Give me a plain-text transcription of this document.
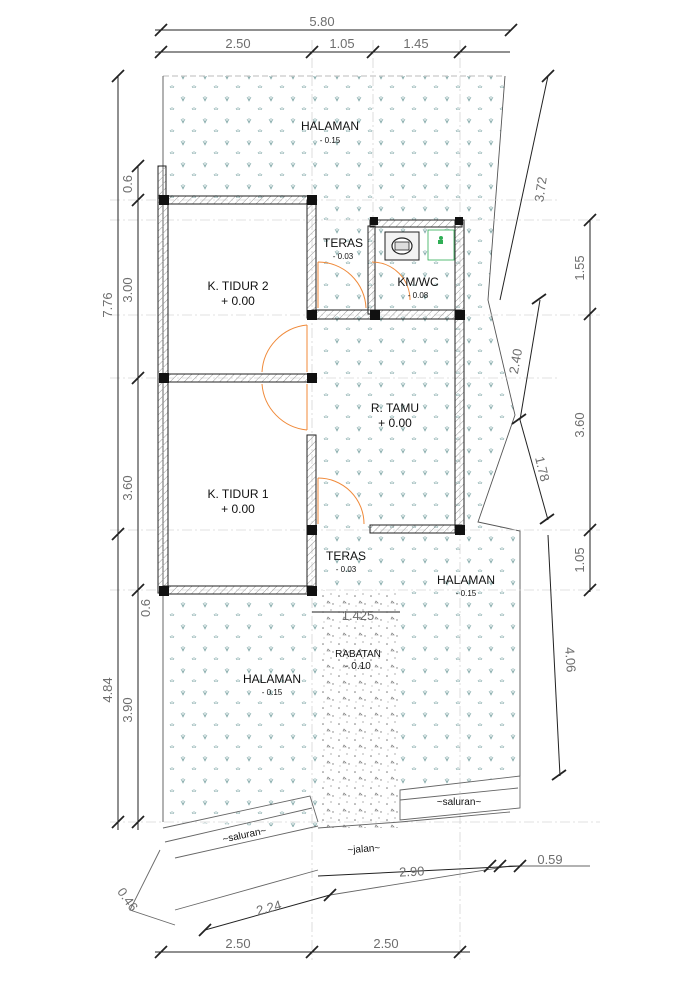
5.80
2.50	1.05	1.45
7.76
4.84
0.6
3.00
3.60
0.6
3.90
3.72
1.55
3.60
1.05
2.40
1.78
4.06
1.425
2.50	2.50
2.24
2.90
0.59
0.46
HALAMAN
- 0.15
TERAS
- 0.03
KM/WC
- 0.08
K. TIDUR 2
+ 0.00
R. TAMU
+ 0.00
K. TIDUR 1
+ 0.00
TERAS
- 0.03
HALAMAN
- 0.15
HALAMAN
- 0.15
RABATAN
- 0.10
~saluran~
~saluran~
~jalan~
